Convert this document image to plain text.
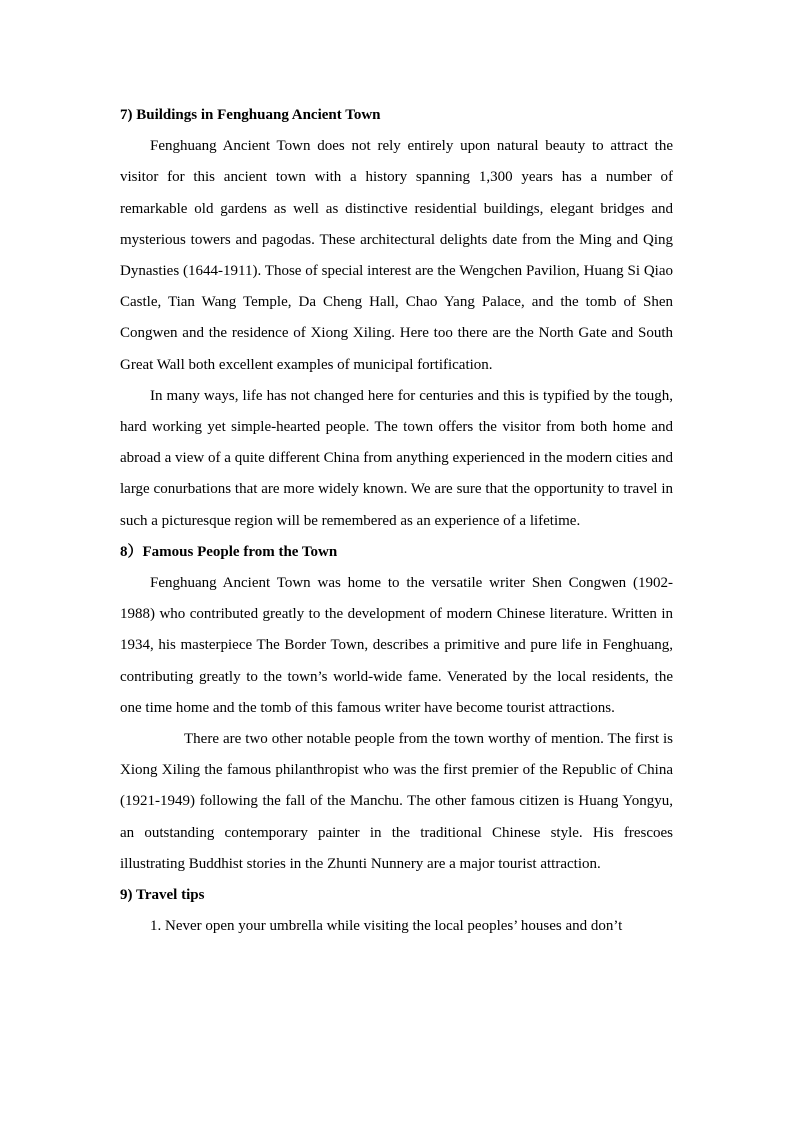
7) Buildings in Fenghuang Ancient Town

Fenghuang Ancient Town does not rely entirely upon natural beauty to attract the visitor for this ancient town with a history spanning 1,300 years has a number of remarkable old gardens as well as distinctive residential buildings, elegant bridges and mysterious towers and pagodas. These architectural delights date from the Ming and Qing Dynasties (1644-1911). Those of special interest are the Wengchen Pavilion, Huang Si Qiao Castle, Tian Wang Temple, Da Cheng Hall, Chao Yang Palace, and the tomb of Shen Congwen and the residence of Xiong Xiling. Here too there are the North Gate and South Great Wall both excellent examples of municipal fortification.

In many ways, life has not changed here for centuries and this is typified by the tough, hard working yet simple-hearted people. The town offers the visitor from both home and abroad a view of a quite different China from anything experienced in the modern cities and large conurbations that are more widely known. We are sure that the opportunity to travel in such a picturesque region will be remembered as an experience of a lifetime.

8）Famous People from the Town

Fenghuang Ancient Town was home to the versatile writer Shen Congwen (1902-1988) who contributed greatly to the development of modern Chinese literature. Written in 1934, his masterpiece The Border Town, describes a primitive and pure life in Fenghuang, contributing greatly to the town’s world-wide fame. Venerated by the local residents, the one time home and the tomb of this famous writer have become tourist attractions.

There are two other notable people from the town worthy of mention. The first is Xiong Xiling the famous philanthropist who was the first premier of the Republic of China (1921-1949) following the fall of the Manchu. The other famous citizen is Huang Yongyu, an outstanding contemporary painter in the traditional Chinese style. His frescoes illustrating Buddhist stories in the Zhunti Nunnery are a major tourist attraction.

9) Travel tips

1. Never open your umbrella while visiting the local peoples’ houses and don’t
